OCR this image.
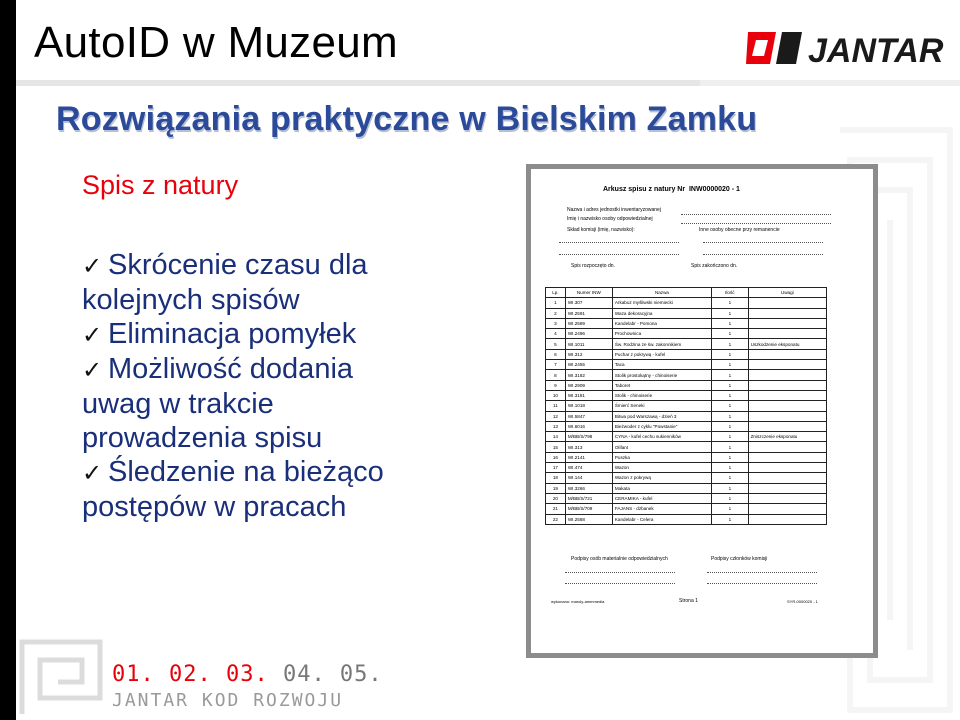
AutoID w Muzeum	JANTAR
Rozwiązania praktyczne w Bielskim Zamku
Spis z natury
✓ Skrócenie czasu dla
kolejnych spisów
✓ Eliminacja pomyłek
✓ Możliwość dodania
uwag w trakcie
prowadzenia spisu
✓ Śledzenie na bieżąco
postępów w pracach
Arkusz spisu z natury Nr INW0000020 - 1
Nazwa i adres jednostki inwentaryzowanej
Imię i nazwisko osoby odpowiedzialnej
Skład komisji (imię, nazwisko):	Inne osoby obecne przy remanencie
Spis rozpoczęto dn.	Spis zakończono dn.
Lp.	Numer INW	Nazwa	Ilość	Uwagi
1	WI.307	Arkabuz myśliwski niemiecki	1	
2	WI.2591	Waza dekoracyjna	1	
3	WI.2589	Kandelabr - Pomona	1	
4	WI.2496	Prochownica	1	
5	WI.1011	Św. Rodzina ze św. zakonnikiem	1	Uszkodzenie eksponatu
6	WI.312	Puchar z pokrywą - kufel	1	
7	WI.2455	Taca	1	
8	WI.3182	Stolik prostokątny - chinoiserie	1	
9	WI.2909	Taboret	1	
10	WI.3181	Stolik - chinoiserie	1	
11	WI.1018	Śmierć Seneki	1	
12	WI.5847	Bitwa pod Warszawą - dzień 3	1	
13	WI.6016	Bieżwoder z cyklu "Powstanie"	1	
14	M/BB/S/798	CYNA - kufel cechu sukienników	1	Zniszczenie eksponatu
15	WI.313	Olifant	1	
16	WI.2141	Puszka	1	
17	WI.474	Wazon	1	
18	WI.144	Wazon z pokrywą	1	
19	WI.3266	Makata	1	
20	M/BB/S/721	CERAMIKA - kufel	1	
21	M/BB/S/709	FAJANS - dzbanek	1	
22	WI.2588	Kandelabr - Celera	1	
Podpisy osób materialnie odpowiedzialnych	Podpisy członków komisji
wykonano: maroly-ammmedia	Strona 1	SYR-0000020 - 1
01. 02. 03. 04. 05.
JANTAR KOD ROZWOJU
